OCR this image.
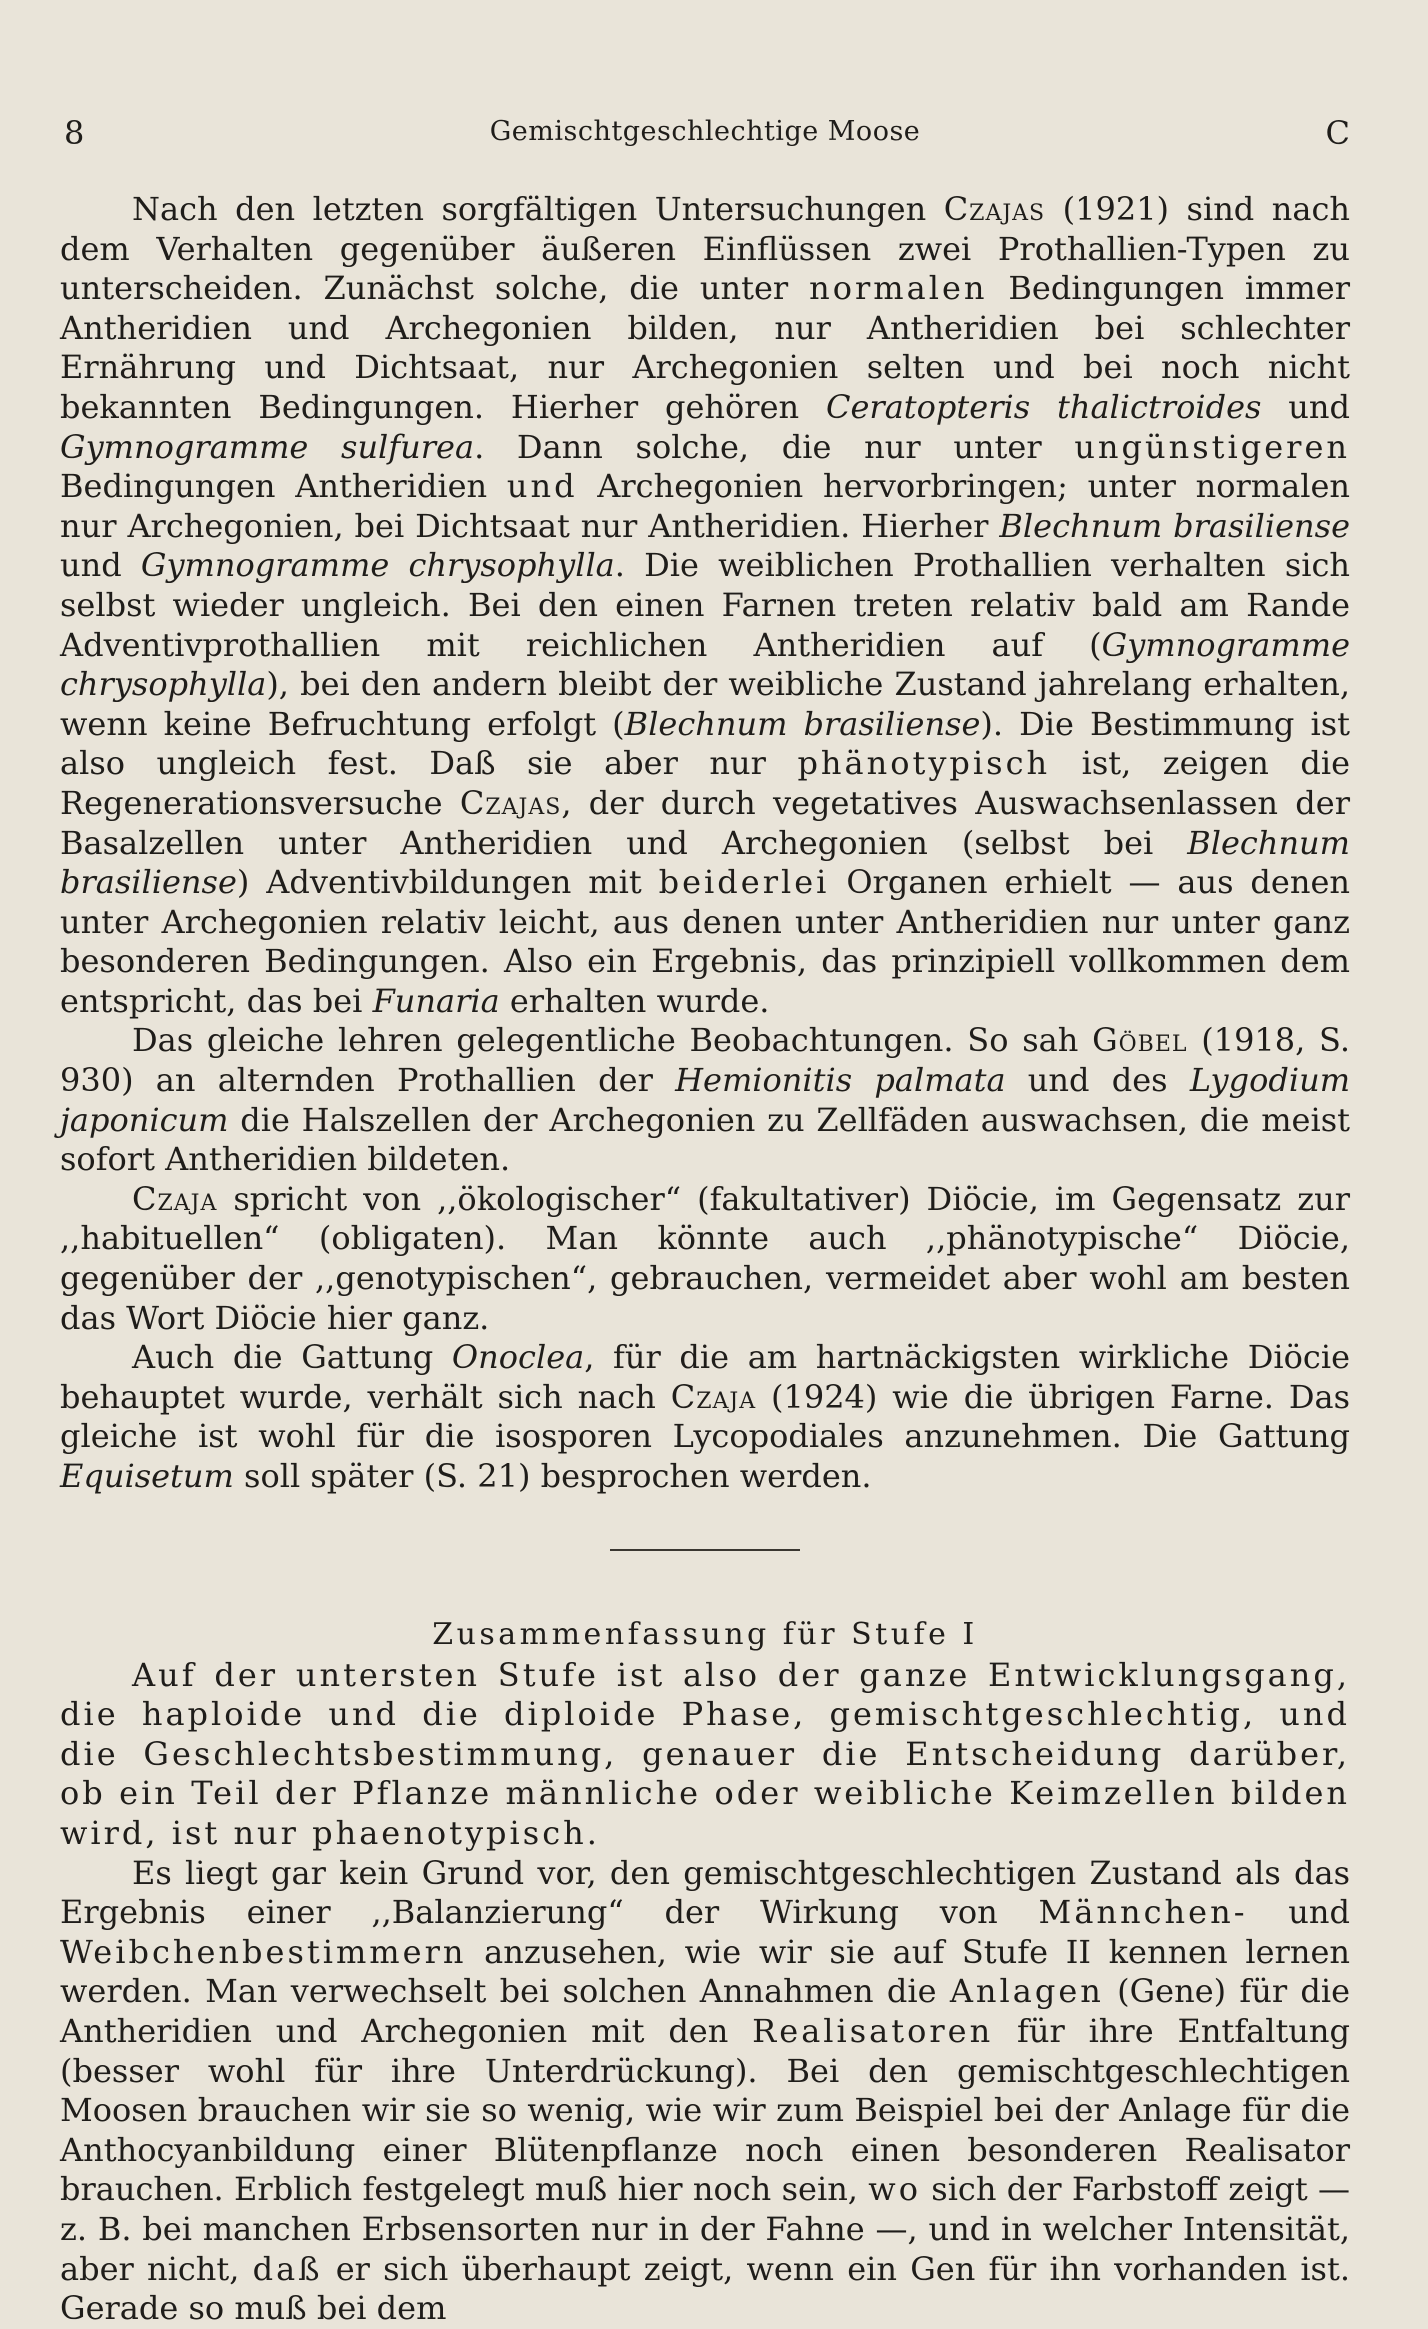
8	Gemischtgeschlechtige Moose	C

Nach den letzten sorgfältigen Untersuchungen Czajas (1921) sind nach dem Verhalten gegenüber äußeren Einflüssen zwei Prothallien-Typen zu unterscheiden. Zunächst solche, die unter normalen Bedingungen immer Antheridien und Archegonien bilden, nur Antheridien bei schlechter Ernährung und Dichtsaat, nur Archegonien selten und bei noch nicht bekannten Bedingungen. Hierher gehören Ceratopteris thalictroides und Gymnogramme sulfurea. Dann solche, die nur unter ungünstigeren Bedingungen Antheridien und Archegonien hervorbringen; unter normalen nur Archegonien, bei Dichtsaat nur Antheridien. Hierher Blechnum brasiliense und Gymnogramme chrysophylla. Die weiblichen Prothallien verhalten sich selbst wieder ungleich. Bei den einen Farnen treten relativ bald am Rande Adventivprothallien mit reichlichen Antheridien auf (Gymnogramme chrysophylla), bei den andern bleibt der weibliche Zustand jahrelang erhalten, wenn keine Befruchtung erfolgt (Blechnum brasiliense). Die Bestimmung ist also ungleich fest. Daß sie aber nur phänotypisch ist, zeigen die Regenerationsversuche Czajas, der durch vegetatives Auswachsenlassen der Basalzellen unter Antheridien und Archegonien (selbst bei Blechnum brasiliense) Adventivbildungen mit beiderlei Organen erhielt — aus denen unter Archegonien relativ leicht, aus denen unter Antheridien nur unter ganz besonderen Bedingungen. Also ein Ergebnis, das prinzipiell vollkommen dem entspricht, das bei Funaria erhalten wurde.

Das gleiche lehren gelegentliche Beobachtungen. So sah Göbel (1918, S. 930) an alternden Prothallien der Hemionitis palmata und des Lygodium japonicum die Halszellen der Archegonien zu Zellfäden auswachsen, die meist sofort Antheridien bildeten.

Czaja spricht von ,,ökologischer“ (fakultativer) Diöcie, im Gegensatz zur ,,habituellen“ (obligaten). Man könnte auch ,,phänotypische“ Diöcie, gegenüber der ,,genotypischen“, gebrauchen, vermeidet aber wohl am besten das Wort Diöcie hier ganz.

Auch die Gattung Onoclea, für die am hartnäckigsten wirkliche Diöcie behauptet wurde, verhält sich nach Czaja (1924) wie die übrigen Farne. Das gleiche ist wohl für die isosporen Lycopodiales anzunehmen. Die Gattung Equisetum soll später (S. 21) besprochen werden.

Zusammenfassung für Stufe I

Auf der untersten Stufe ist also der ganze Entwicklungsgang, die haploide und die diploide Phase, gemischtgeschlechtig, und die Geschlechtsbestimmung, genauer die Entscheidung darüber, ob ein Teil der Pflanze männliche oder weibliche Keimzellen bilden wird, ist nur phaenotypisch.

Es liegt gar kein Grund vor, den gemischtgeschlechtigen Zustand als das Ergebnis einer ,,Balanzierung“ der Wirkung von Männchen- und Weibchenbestimmern anzusehen, wie wir sie auf Stufe II kennen lernen werden. Man verwechselt bei solchen Annahmen die Anlagen (Gene) für die Antheridien und Archegonien mit den Realisatoren für ihre Entfaltung (besser wohl für ihre Unterdrückung). Bei den gemischtgeschlechtigen Moosen brauchen wir sie so wenig, wie wir zum Beispiel bei der Anlage für die Anthocyanbildung einer Blütenpflanze noch einen besonderen Realisator brauchen. Erblich festgelegt muß hier noch sein, wo sich der Farbstoff zeigt — z. B. bei manchen Erbsensorten nur in der Fahne —, und in welcher Intensität, aber nicht, daß er sich überhaupt zeigt, wenn ein Gen für ihn vorhanden ist. Gerade so muß bei dem
